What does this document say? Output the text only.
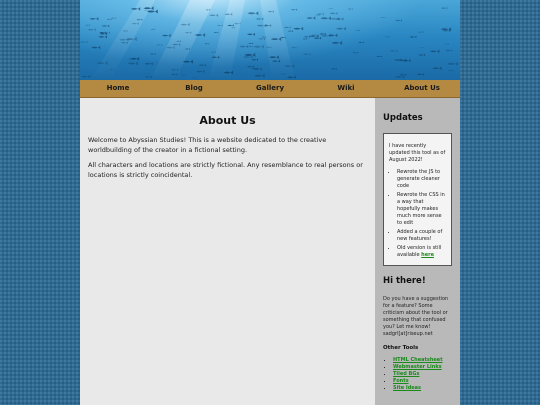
Home	Blog	Gallery	Wiki	About Us
About Us

Welcome to Abyssian Studies! This is a website dedicated to the creative worldbuilding of the creator in a fictional setting.

All characters and locations are strictly fictional. Any resemblance to real persons or locations is strictly coincidental.

Updates

I have recently updated this tool as of August 2022!

• Rewrote the JS to generate cleaner code
• Rewrote the CSS in a way that hopefully makes much more sense to edit
• Added a couple of new features!
• Old version is still available here
Hi there!

Do you have a suggestion for a feature? Some criticism about the tool or something that confused you? Let me know! sadgrl[at]riseup.net

Other Tools
• HTML Cheatsheet
• Webmaster Links
• Tiled BGs
• Fonts
• Site Ideas
